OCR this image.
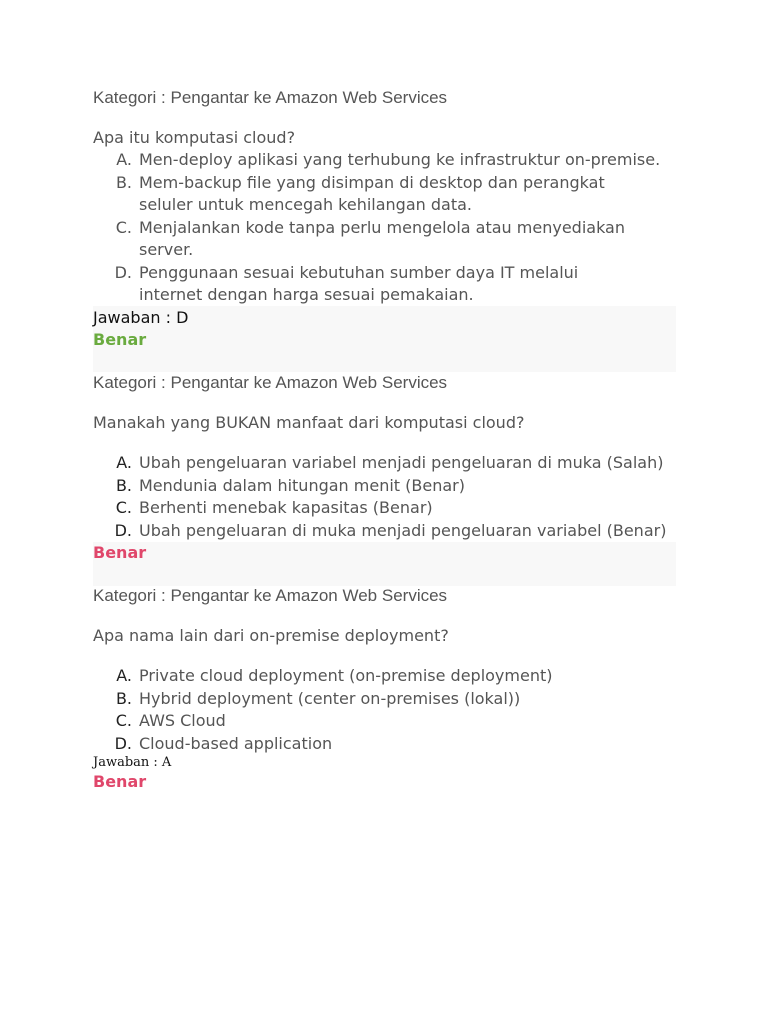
Kategori : Pengantar ke Amazon Web Services
Apa itu komputasi cloud?
A. Men-deploy aplikasi yang terhubung ke infrastruktur on-premise.
B. Mem-backup file yang disimpan di desktop dan perangkat seluler untuk mencegah kehilangan data.
C. Menjalankan kode tanpa perlu mengelola atau menyediakan server.
D. Penggunaan sesuai kebutuhan sumber daya IT melalui internet dengan harga sesuai pemakaian.
Jawaban : D
Benar
Kategori : Pengantar ke Amazon Web Services
Manakah yang BUKAN manfaat dari komputasi cloud?
A. Ubah pengeluaran variabel menjadi pengeluaran di muka (Salah)
B. Mendunia dalam hitungan menit (Benar)
C. Berhenti menebak kapasitas (Benar)
D. Ubah pengeluaran di muka menjadi pengeluaran variabel (Benar)
Benar
Kategori : Pengantar ke Amazon Web Services
Apa nama lain dari on-premise deployment?
A. Private cloud deployment (on-premise deployment)
B. Hybrid deployment (center on-premises (lokal))
C. AWS Cloud
D. Cloud-based application
Jawaban : A
Benar
